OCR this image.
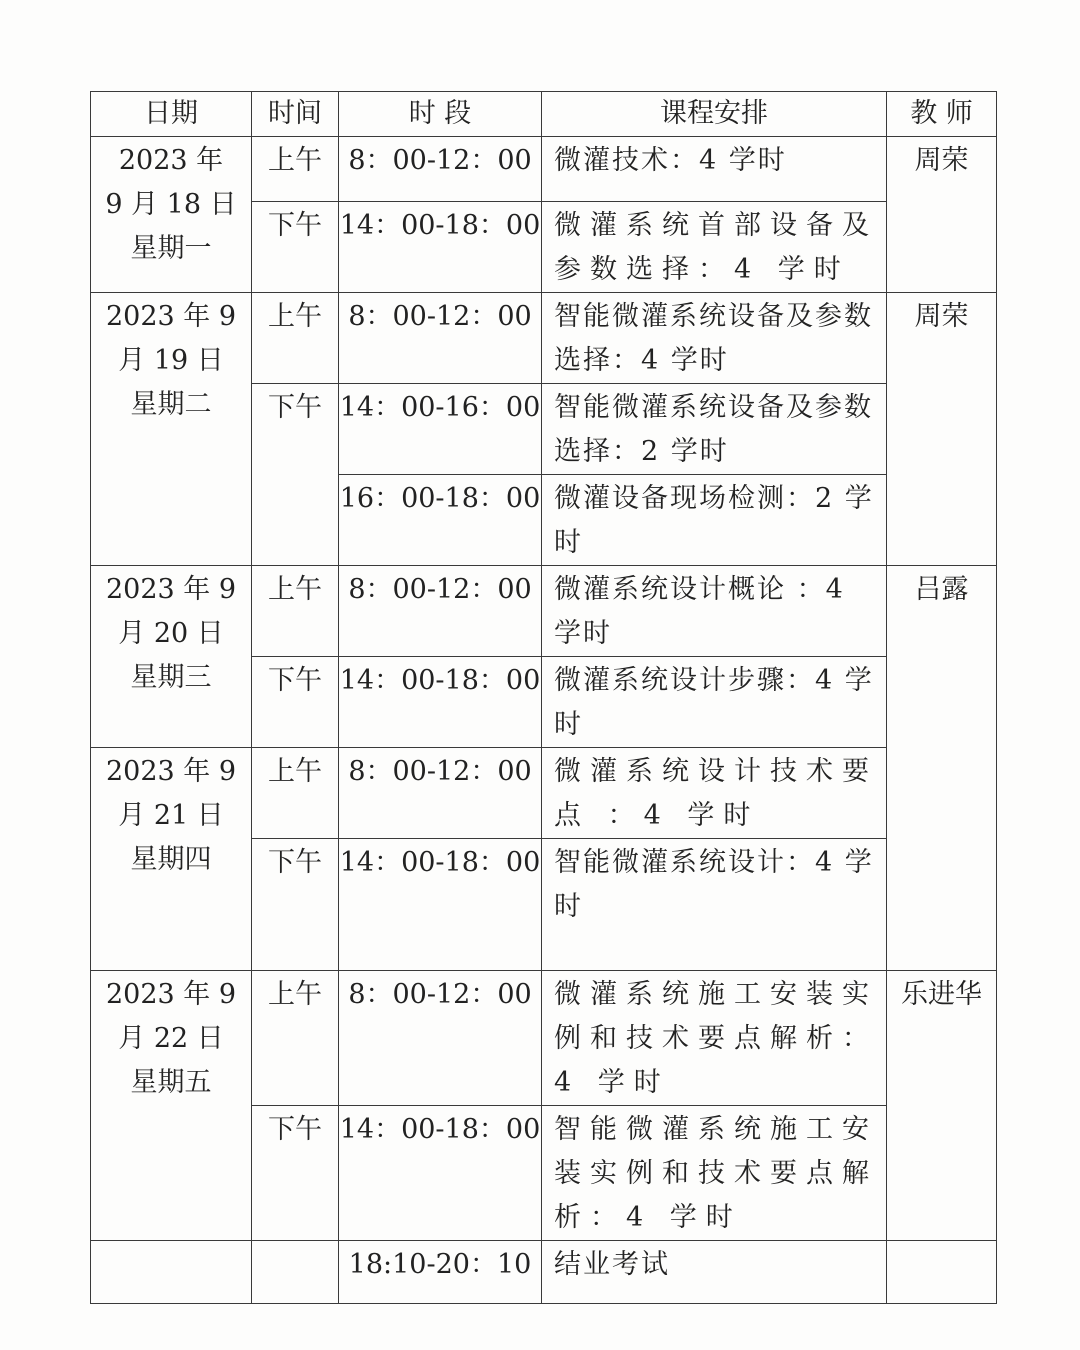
日期	时间	时 段	课程安排	教 师

2023 年
9 月 18 日
星期一	上午	8：00-12：00	微灌技术：4 学时	周荣
	下午	14：00-18：00	微灌系统首部设备及参数选择：4 学时	

2023 年 9
月 19 日
星期二	上午	8：00-12：00	智能微灌系统设备及参数选择：4 学时	周荣
	下午	14：00-16：00	智能微灌系统设备及参数选择：2 学时	
		16：00-18：00	微灌设备现场检测：2 学时	

2023 年 9
月 20 日
星期三	上午	8：00-12：00	微灌系统设计概论 ：4 学时	吕露
	下午	14：00-18：00	微灌系统设计步骤：4 学时	

2023 年 9
月 21 日
星期四	上午	8：00-12：00	微灌系统设计技术要点 ：4 学时	
	下午	14：00-18：00	智能微灌系统设计：4 学时	

2023 年 9
月 22 日
星期五	上午	8：00-12：00	微灌系统施工安装实例和技术要点解析：4 学时	乐进华
	下午	14：00-18：00	智能微灌系统施工安装实例和技术要点解析：4 学时	
		18:10-20：10	结业考试	
